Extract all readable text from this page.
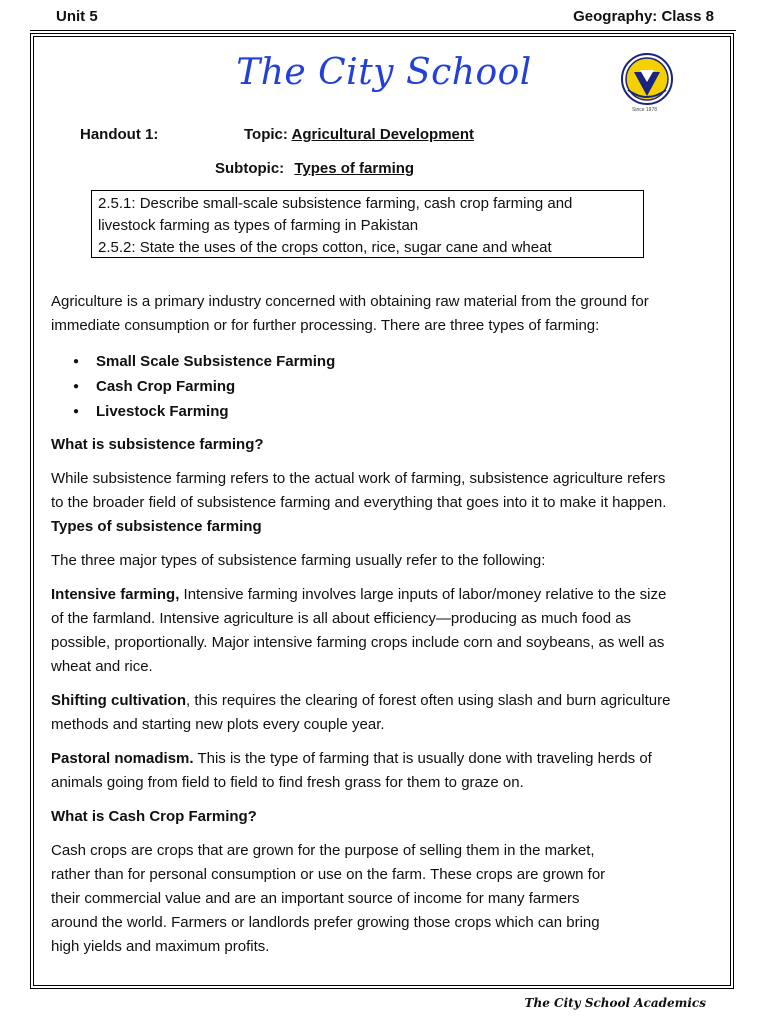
Unit 5	Geography: Class 8
The City School
Since 1978
Handout 1:	Topic: Agricultural Development
Subtopic: Types of farming
2.5.1: Describe small-scale subsistence farming, cash crop farming and
livestock farming as types of farming in Pakistan
2.5.2: State the uses of the crops cotton, rice, sugar cane and wheat

Agriculture is a primary industry concerned with obtaining raw material from the ground for
immediate consumption or for further processing. There are three types of farming:

● Small Scale Subsistence Farming
● Cash Crop Farming
● Livestock Farming

What is subsistence farming?

While subsistence farming refers to the actual work of farming, subsistence agriculture refers
to the broader field of subsistence farming and everything that goes into it to make it happen.

Types of subsistence farming

The three major types of subsistence farming usually refer to the following:

Intensive farming, Intensive farming involves large inputs of labor/money relative to the size
of the farmland. Intensive agriculture is all about efficiency—producing as much food as
possible, proportionally. Major intensive farming crops include corn and soybeans, as well as
wheat and rice.

Shifting cultivation, this requires the clearing of forest often using slash and burn agriculture
methods and starting new plots every couple year.

Pastoral nomadism. This is the type of farming that is usually done with traveling herds of
animals going from field to field to find fresh grass for them to graze on.

What is Cash Crop Farming?

Cash crops are crops that are grown for the purpose of selling them in the market,
rather than for personal consumption or use on the farm. These crops are grown for
their commercial value and are an important source of income for many farmers
around the world. Farmers or landlords prefer growing those crops which can bring
high yields and maximum profits.

The City School Academics
